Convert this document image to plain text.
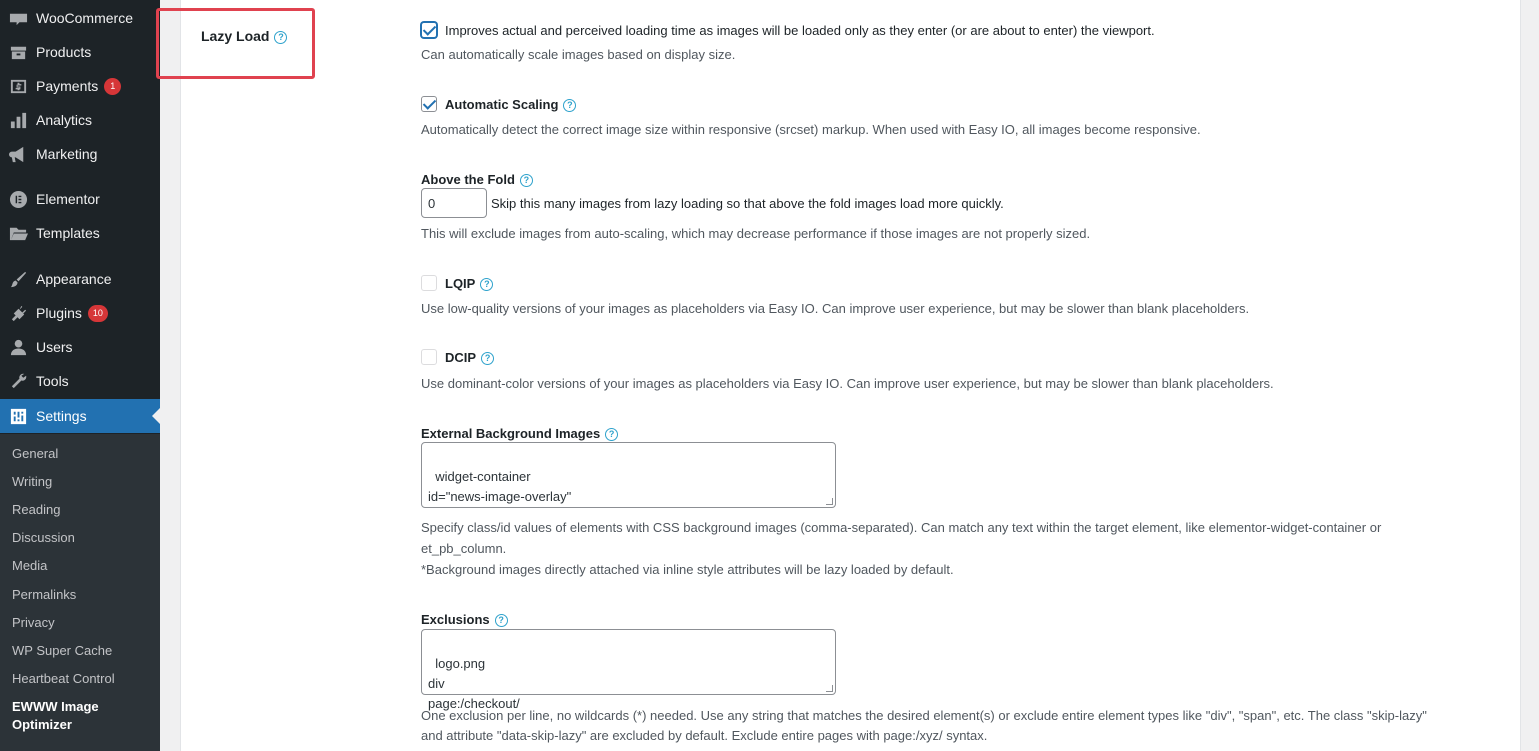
WooCommerce
Products
Payments	1
Analytics
Marketing
Elementor
Templates
Appearance
Plugins	10
Users
Tools
Settings
General
Writing
Reading
Discussion
Media
Permalinks
Privacy
WP Super Cache
Heartbeat Control
EWWW Image Optimizer
Lazy Load ?	Improves actual and perceived loading time as images will be loaded only as they enter (or are about to enter) the viewport.
Can automatically scale images based on display size.
Automatic Scaling ?
Automatically detect the correct image size within responsive (srcset) markup. When used with Easy IO, all images become responsive.
Above the Fold ?
0
Skip this many images from lazy loading so that above the fold images load more quickly.
This will exclude images from auto-scaling, which may decrease performance if those images are not properly sized.
LQIP ?
Use low-quality versions of your images as placeholders via Easy IO. Can improve user experience, but may be slower than blank placeholders.
DCIP ?
Use dominant-color versions of your images as placeholders via Easy IO. Can improve user experience, but may be slower than blank placeholders.
External Background Images ?

widget-container
id="news-image-overlay"

Specify class/id values of elements with CSS background images (comma-separated). Can match any text within the target element, like elementor-widget-container or
et_pb_column.
*Background images directly attached via inline style attributes will be lazy loaded by default.
Exclusions ?

logo.png
div
page:/checkout/

One exclusion per line, no wildcards (*) needed. Use any string that matches the desired element(s) or exclude entire element types like "div", "span", etc. The class "skip-lazy"
and attribute "data-skip-lazy" are excluded by default. Exclude entire pages with page:/xyz/ syntax.
